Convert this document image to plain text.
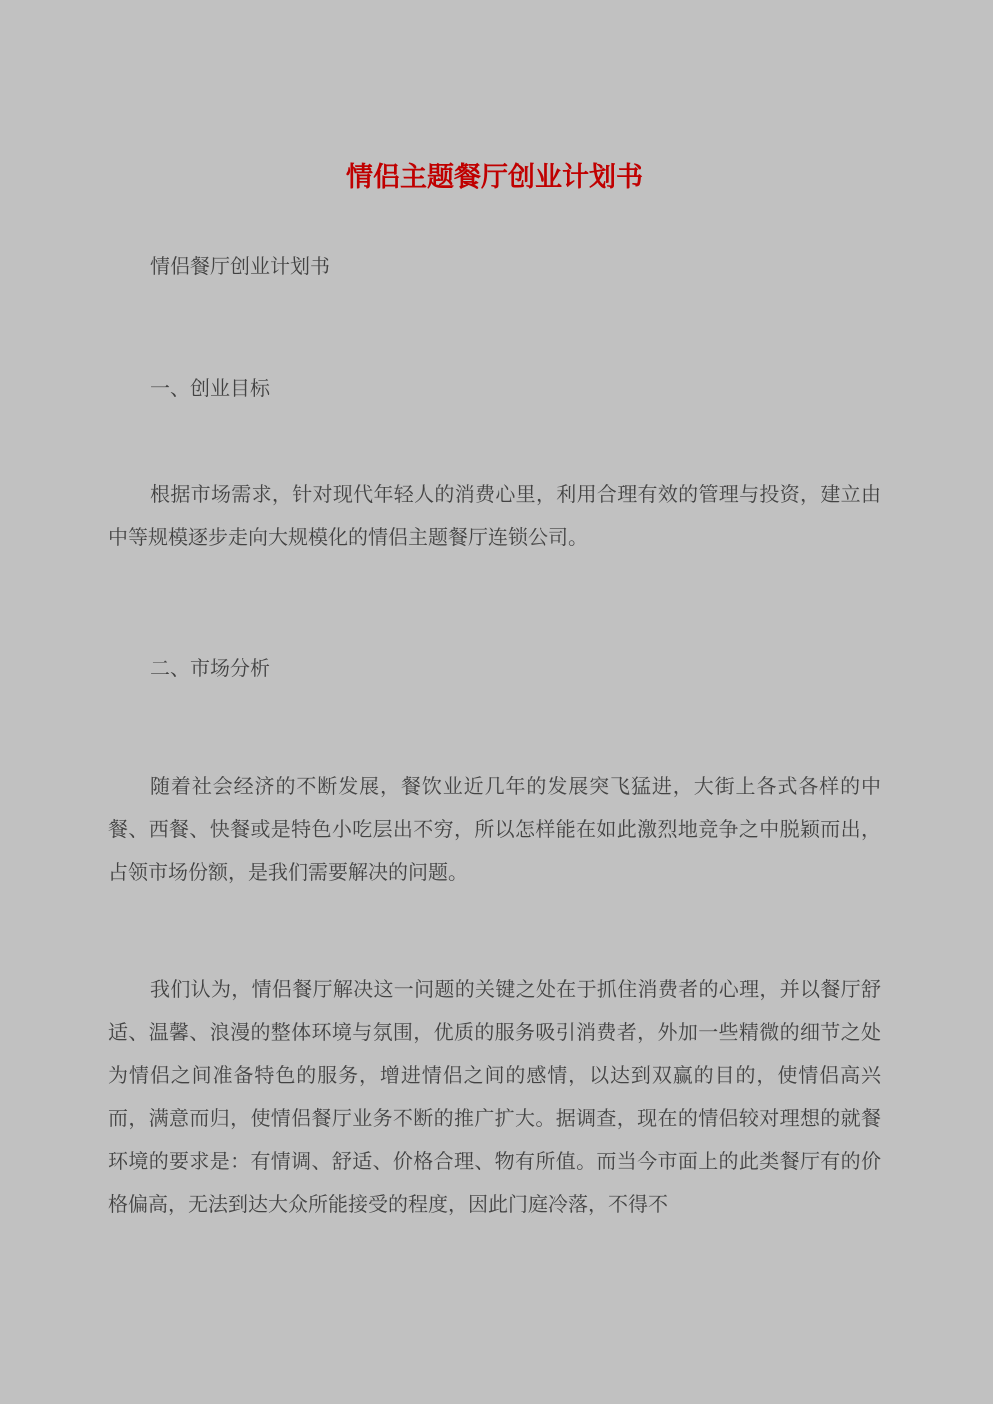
情侣主题餐厅创业计划书

情侣餐厅创业计划书

一、创业目标

根据市场需求，针对现代年轻人的消费心里，利用合理有效的管理与投资，建立由中等规模逐步走向大规模化的情侣主题餐厅连锁公司。

二、市场分析

随着社会经济的不断发展，餐饮业近几年的发展突飞猛进，大街上各式各样的中餐、西餐、快餐或是特色小吃层出不穷，所以怎样能在如此激烈地竞争之中脱颖而出，占领市场份额，是我们需要解决的问题。

我们认为，情侣餐厅解决这一问题的关键之处在于抓住消费者的心理，并以餐厅舒适、温馨、浪漫的整体环境与氛围，优质的服务吸引消费者，外加一些精微的细节之处为情侣之间准备特色的服务，增进情侣之间的感情，以达到双赢的目的，使情侣高兴而，满意而归，使情侣餐厅业务不断的推广扩大。据调查，现在的情侣较对理想的就餐环境的要求是：有情调、舒适、价格合理、物有所值。而当今市面上的此类餐厅有的价格偏高，无法到达大众所能接受的程度，因此门庭冷落，不得不
